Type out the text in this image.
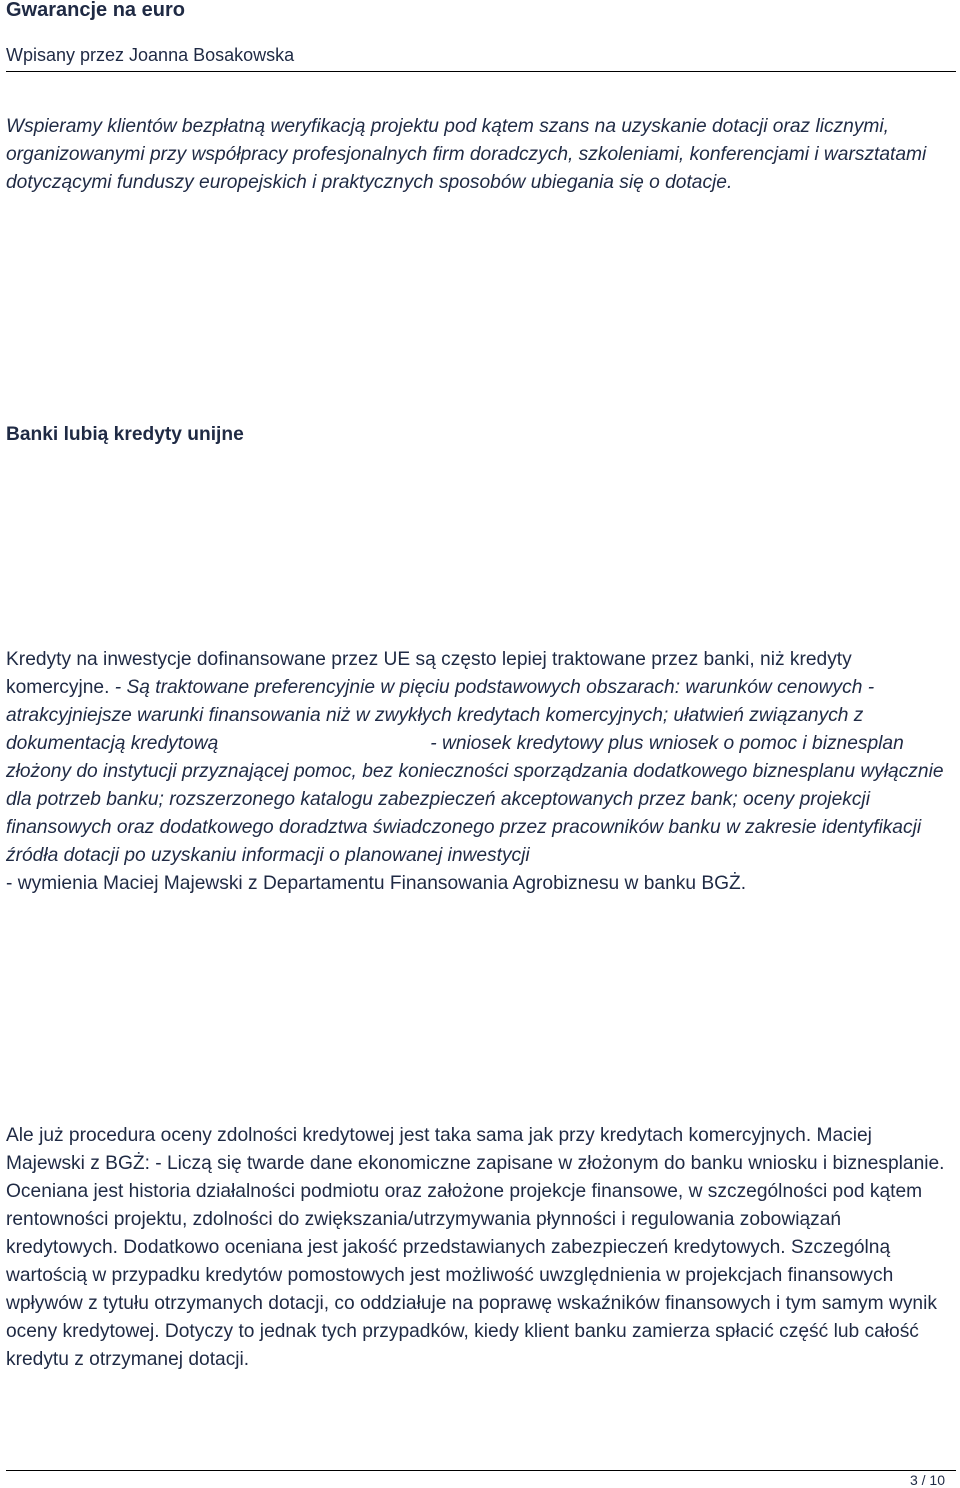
Gwarancje na euro
Wpisany przez Joanna Bosakowska

Wspieramy klientów bezpłatną weryfikacją projektu pod kątem szans na uzyskanie dotacji oraz licznymi, organizowanymi przy współpracy profesjonalnych firm doradczych, szkoleniami, konferencjami i warsztatami dotyczącymi funduszy europejskich i praktycznych sposobów ubiegania się o dotacje.

Banki lubią kredyty unijne

Kredyty na inwestycje dofinansowane przez UE są często lepiej traktowane przez banki, niż kredyty komercyjne. - Są traktowane preferencyjnie w pięciu podstawowych obszarach: warunków cenowych - atrakcyjniejsze warunki finansowania niż w zwykłych kredytach komercyjnych; ułatwień związanych z dokumentacją kredytową	- wniosek kredytowy plus wniosek o pomoc i biznesplan złożony do instytucji przyznającej pomoc, bez konieczności sporządzania dodatkowego biznesplanu wyłącznie dla potrzeb banku; rozszerzonego katalogu zabezpieczeń akceptowanych przez bank; oceny projekcji finansowych oraz dodatkowego doradztwa świadczonego przez pracowników banku w zakresie identyfikacji źródła dotacji po uzyskaniu informacji o planowanej inwestycji
- wymienia Maciej Majewski z Departamentu Finansowania Agrobiznesu w banku BGŻ.

Ale już procedura oceny zdolności kredytowej jest taka sama jak przy kredytach komercyjnych. Maciej Majewski z BGŻ: - Liczą się twarde dane ekonomiczne zapisane w złożonym do banku wniosku i biznesplanie. Oceniana jest historia działalności podmiotu oraz założone projekcje finansowe, w szczególności pod kątem rentowności projektu, zdolności do zwiększania/utrzymywania płynności i regulowania zobowiązań kredytowych. Dodatkowo oceniana jest jakość przedstawianych zabezpieczeń kredytowych. Szczególną wartością w przypadku kredytów pomostowych jest możliwość uwzględnienia w projekcjach finansowych wpływów z tytułu otrzymanych dotacji, co oddziałuje na poprawę wskaźników finansowych i tym samym wynik oceny kredytowej. Dotyczy to jednak tych przypadków, kiedy klient banku zamierza spłacić część lub całość kredytu z otrzymanej dotacji.

3 / 10
